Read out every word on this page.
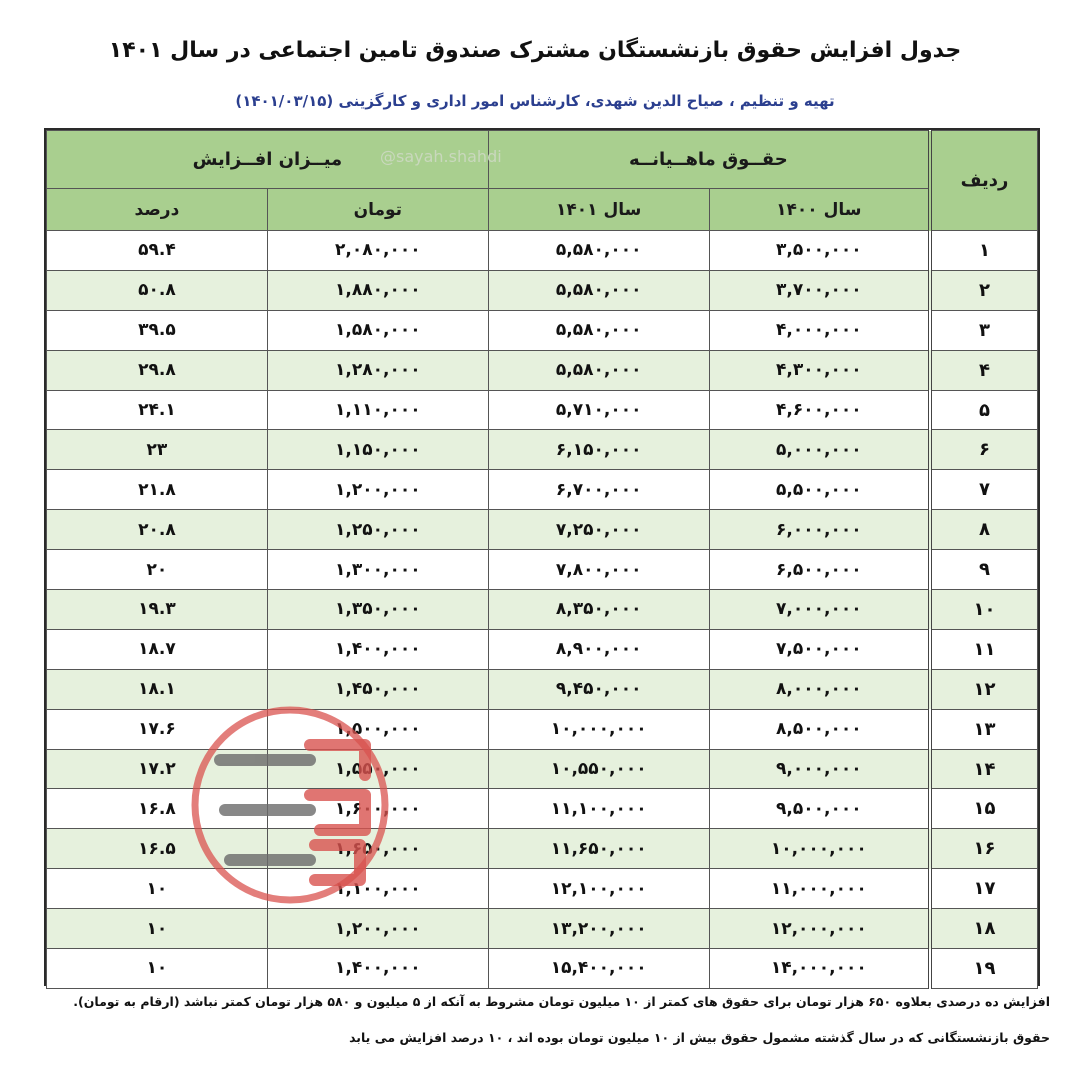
جدول افزایش حقوق بازنشستگان مشترک صندوق تامین اجتماعی در سال ۱۴۰۱
تهیه و تنظیم ، صیاح الدین شهدی، کارشناس امور اداری و کارگزینی (۱۴۰۱/۰۳/۱۵)
ردیف	حقــوق ماهــیانــه		میــزان افــزایش	
	سال ۱۴۰۰	سال ۱۴۰۱	تومان	درصد
۱	۳,۵۰۰,۰۰۰	۵,۵۸۰,۰۰۰	۲,۰۸۰,۰۰۰	۵۹.۴
۲	۳,۷۰۰,۰۰۰	۵,۵۸۰,۰۰۰	۱,۸۸۰,۰۰۰	۵۰.۸
۳	۴,۰۰۰,۰۰۰	۵,۵۸۰,۰۰۰	۱,۵۸۰,۰۰۰	۳۹.۵
۴	۴,۳۰۰,۰۰۰	۵,۵۸۰,۰۰۰	۱,۲۸۰,۰۰۰	۲۹.۸
۵	۴,۶۰۰,۰۰۰	۵,۷۱۰,۰۰۰	۱,۱۱۰,۰۰۰	۲۴.۱
۶	۵,۰۰۰,۰۰۰	۶,۱۵۰,۰۰۰	۱,۱۵۰,۰۰۰	۲۳
۷	۵,۵۰۰,۰۰۰	۶,۷۰۰,۰۰۰	۱,۲۰۰,۰۰۰	۲۱.۸
۸	۶,۰۰۰,۰۰۰	۷,۲۵۰,۰۰۰	۱,۲۵۰,۰۰۰	۲۰.۸
۹	۶,۵۰۰,۰۰۰	۷,۸۰۰,۰۰۰	۱,۳۰۰,۰۰۰	۲۰
۱۰	۷,۰۰۰,۰۰۰	۸,۳۵۰,۰۰۰	۱,۳۵۰,۰۰۰	۱۹.۳
۱۱	۷,۵۰۰,۰۰۰	۸,۹۰۰,۰۰۰	۱,۴۰۰,۰۰۰	۱۸.۷
۱۲	۸,۰۰۰,۰۰۰	۹,۴۵۰,۰۰۰	۱,۴۵۰,۰۰۰	۱۸.۱
۱۳	۸,۵۰۰,۰۰۰	۱۰,۰۰۰,۰۰۰	۱,۵۰۰,۰۰۰	۱۷.۶
۱۴	۹,۰۰۰,۰۰۰	۱۰,۵۵۰,۰۰۰	۱,۵۵۰,۰۰۰	۱۷.۲
۱۵	۹,۵۰۰,۰۰۰	۱۱,۱۰۰,۰۰۰	۱,۶۰۰,۰۰۰	۱۶.۸
۱۶	۱۰,۰۰۰,۰۰۰	۱۱,۶۵۰,۰۰۰	۱,۶۵۰,۰۰۰	۱۶.۵
۱۷	۱۱,۰۰۰,۰۰۰	۱۲,۱۰۰,۰۰۰	۱,۱۰۰,۰۰۰	۱۰
۱۸	۱۲,۰۰۰,۰۰۰	۱۳,۲۰۰,۰۰۰	۱,۲۰۰,۰۰۰	۱۰
۱۹	۱۴,۰۰۰,۰۰۰	۱۵,۴۰۰,۰۰۰	۱,۴۰۰,۰۰۰	۱۰
@sayah.shahdi
افزایش ده درصدی بعلاوه ۶۵۰ هزار تومان برای حقوق های کمتر از ۱۰ میلیون تومان مشروط به آنکه از ۵ میلیون و ۵۸۰ هزار تومان کمتر نباشد (ارقام به تومان).
حقوق بازنشستگانی که در سال گذشته مشمول حقوق بیش از ۱۰ میلیون تومان بوده اند ، ۱۰ درصد افزایش می یابد
